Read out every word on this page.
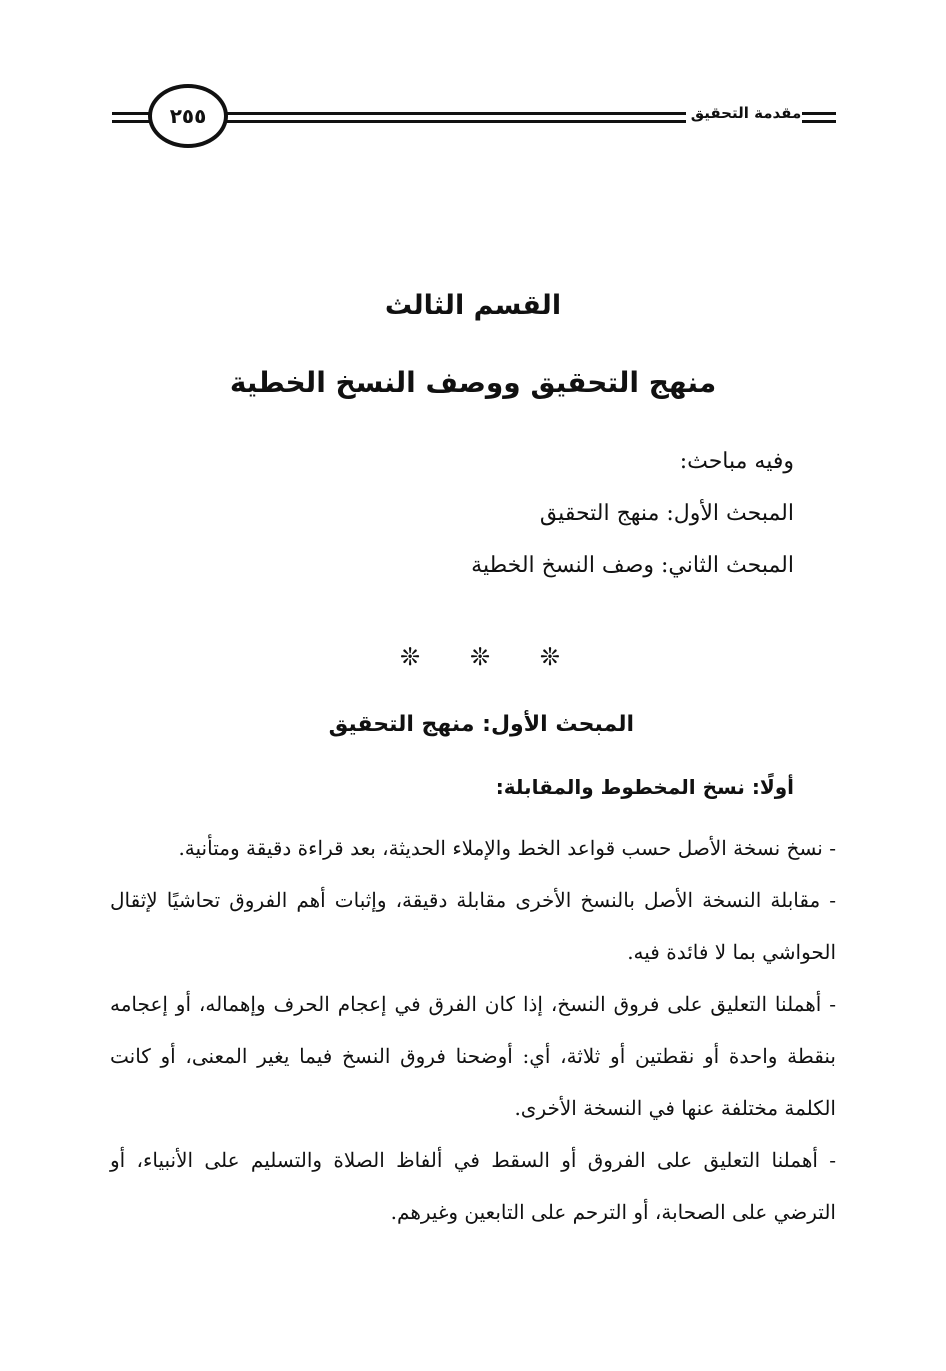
٢٥٥	مقدمة التحقيق
القسم الثالث
منهج التحقيق ووصف النسخ الخطية
وفيه مباحث:
المبحث الأول: منهج التحقيق
المبحث الثاني: وصف النسخ الخطية
❊ ❊ ❊
المبحث الأول: منهج التحقيق
أولًا: نسخ المخطوط والمقابلة:

- نسخ نسخة الأصل حسب قواعد الخط والإملاء الحديثة، بعد قراءة دقيقة ومتأنية.

- مقابلة النسخة الأصل بالنسخ الأخرى مقابلة دقيقة، وإثبات أهم الفروق تحاشيًا لإثقال الحواشي بما لا فائدة فيه.

- أهملنا التعليق على فروق النسخ، إذا كان الفرق في إعجام الحرف وإهماله، أو إعجامه بنقطة واحدة أو نقطتين أو ثلاثة، أي: أوضحنا فروق النسخ فيما يغير المعنى، أو كانت الكلمة مختلفة عنها في النسخة الأخرى.

- أهملنا التعليق على الفروق أو السقط في ألفاظ الصلاة والتسليم على الأنبياء، أو الترضي على الصحابة، أو الترحم على التابعين وغيرهم.
